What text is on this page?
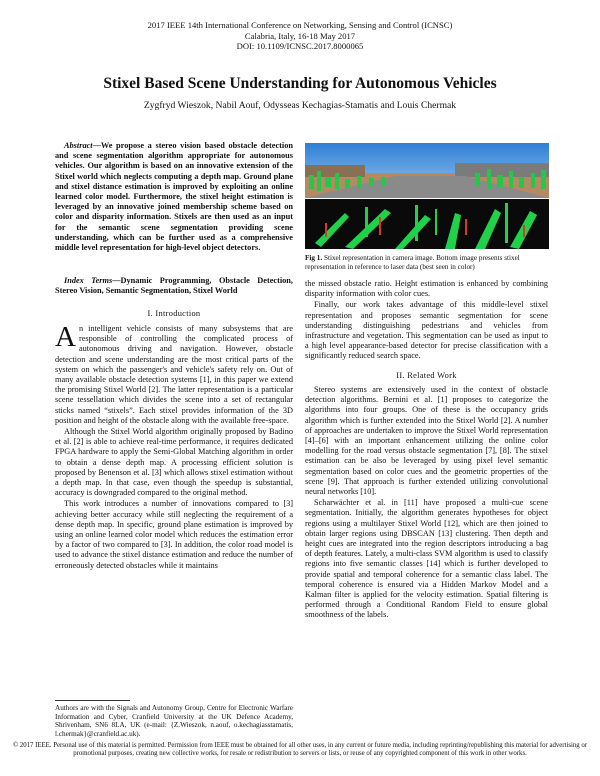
2017 IEEE 14th International Conference on Networking, Sensing and Control (ICNSC)
Calabria, Italy, 16-18 May 2017
DOI: 10.1109/ICNSC.2017.8000065
Stixel Based Scene Understanding for Autonomous Vehicles
Zygfryd Wieszok, Nabil Aouf, Odysseas Kechagias-Stamatis and Louis Chermak
Abstract—We propose a stereo vision based obstacle detection and scene segmentation algorithm appropriate for autonomous vehicles. Our algorithm is based on an innovative extension of the Stixel world which neglects computing a depth map. Ground plane and stixel distance estimation is improved by exploiting an online learned color model. Furthermore, the stixel height estimation is leveraged by an innovative joined membership scheme based on color and disparity information. Stixels are then used as an input for the semantic scene segmentation providing scene understanding, which can be further used as a comprehensive middle level representation for high-level object detectors.
Index Terms—Dynamic Programming, Obstacle Detection, Stereo Vision, Semantic Segmentation, Stixel World
I. Introduction

An intelligent vehicle consists of many subsystems that are responsible of controlling the complicated process of autonomous driving and navigation. However, obstacle detection and scene understanding are the most critical parts of the system on which the passenger's and vehicle's safety rely on. Out of many available obstacle detection systems [1], in this paper we extend the promising Stixel World [2]. The latter representation is a particular scene tessellation which divides the scene into a set of rectangular sticks named “stixels”. Each stixel provides information of the 3D position and height of the obstacle along with the available free-space.

Although the Stixel World algorithm originally proposed by Badino et al. [2] is able to achieve real-time performance, it requires dedicated FPGA hardware to apply the Semi-Global Matching algorithm in order to obtain a dense depth map. A processing efficient solution is proposed by Benenson et al. [3] which allows stixel estimation without a depth map. In that case, even though the speedup is substantial, accuracy is downgraded compared to the original method.

This work introduces a number of innovations compared to [3] achieving better accuracy while still neglecting the requirement of a dense depth map. In specific, ground plane estimation is improved by using an online learned color model which reduces the estimation error by a factor of two compared to [3]. In addition, the color road model is used to advance the stixel distance estimation and reduce the number of erroneously detected obstacles while it maintains

Authors are with the Signals and Autonomy Group, Centre for Electronic Warfare Information and Cyber, Cranfield University at the UK Defence Academy, Shrivenham, SN6 8LA, UK (e-mail: {Z.Wieszok, n.aouf, o.kechagiasstamatis, l.chermak}@cranfield.ac.uk).
Fig 1. Stixel representation in camera image. Bottom image presents stixel representation in reference to laser data (best seen in color)

the missed obstacle ratio. Height estimation is enhanced by combining disparity information with color cues.

Finally, our work takes advantage of this middle-level stixel representation and proposes semantic segmentation for scene understanding distinguishing pedestrians and vehicles from infrastructure and vegetation. This segmentation can be used as input to a high level appearance-based detector for precise classification with a significantly reduced search space.

II. Related Work

Stereo systems are extensively used in the context of obstacle detection algorithms. Bernini et al. [1] proposes to categorize the algorithms into four groups. One of these is the occupancy grids algorithm which is further extended into the Stixel World [2]. A number of approaches are undertaken to improve the Stixel World representation [4]–[6] with an important enhancement utilizing the online color modelling for the road versus obstacle segmentation [7], [8]. The stixel estimation can be also be leveraged by using pixel level semantic segmentation based on color cues and the geometric properties of the scene [9]. That approach is further extended utilizing convolutional neural networks [10].

Scharwächter et al. in [11] have proposed a multi-cue scene segmentation. Initially, the algorithm generates hypotheses for object regions using a multilayer Stixel World [12], which are then joined to obtain larger regions using DBSCAN [13] clustering. Then depth and height cues are integrated into the region descriptors introducing a bag of depth features. Lately, a multi-class SVM algorithm is used to classify regions into five semantic classes [14] which is further developed to provide spatial and temporal coherence for a semantic class label. The temporal coherence is ensured via a Hidden Markov Model and a Kalman filter is applied for the velocity estimation. Spatial filtering is performed through a Conditional Random Field to ensure global smoothness of the labels.

© 2017 IEEE. Personal use of this material is permitted. Permission from IEEE must be obtained for all other uses, in any current or future media, including reprinting/republishing this material for advertising or promotional purposes, creating new collective works, for resale or redistribution to servers or lists, or reuse of any copyrighted component of this work in other works.
